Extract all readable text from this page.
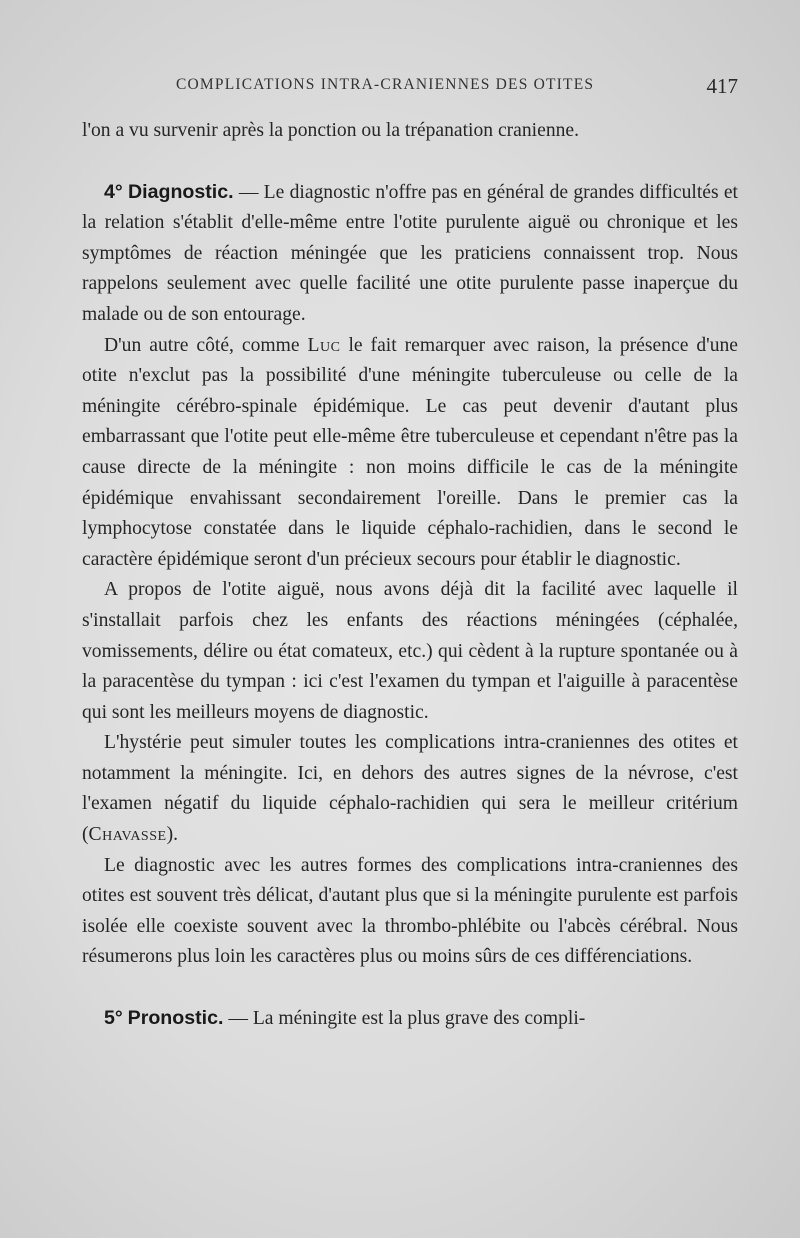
COMPLICATIONS INTRA-CRANIENNES DES OTITES	417

l'on a vu survenir après la ponction ou la trépanation cranienne.

4° Diagnostic. — Le diagnostic n'offre pas en général de grandes difficultés et la relation s'établit d'elle-même entre l'otite purulente aiguë ou chronique et les symptômes de réaction méningée que les praticiens connaissent trop. Nous rappelons seulement avec quelle facilité une otite purulente passe inaperçue du malade ou de son entourage.

D'un autre côté, comme Luc le fait remarquer avec raison, la présence d'une otite n'exclut pas la possibilité d'une méningite tuberculeuse ou celle de la méningite cérébro-spinale épidémique. Le cas peut devenir d'autant plus embarrassant que l'otite peut elle-même être tuberculeuse et cependant n'être pas la cause directe de la méningite : non moins difficile le cas de la méningite épidémique envahissant secondairement l'oreille. Dans le premier cas la lymphocytose constatée dans le liquide céphalo-rachidien, dans le second le caractère épidémique seront d'un précieux secours pour établir le diagnostic.

A propos de l'otite aiguë, nous avons déjà dit la facilité avec laquelle il s'installait parfois chez les enfants des réactions méningées (céphalée, vomissements, délire ou état comateux, etc.) qui cèdent à la rupture spontanée ou à la paracentèse du tympan : ici c'est l'examen du tympan et l'aiguille à paracentèse qui sont les meilleurs moyens de diagnostic.

L'hystérie peut simuler toutes les complications intra-craniennes des otites et notamment la méningite. Ici, en dehors des autres signes de la névrose, c'est l'examen négatif du liquide céphalo-rachidien qui sera le meilleur critérium (Chavasse).

Le diagnostic avec les autres formes des complications intra-craniennes des otites est souvent très délicat, d'autant plus que si la méningite purulente est parfois isolée elle coexiste souvent avec la thrombo-phlébite ou l'abcès cérébral. Nous résumerons plus loin les caractères plus ou moins sûrs de ces différenciations.

5° Pronostic. — La méningite est la plus grave des compli-
